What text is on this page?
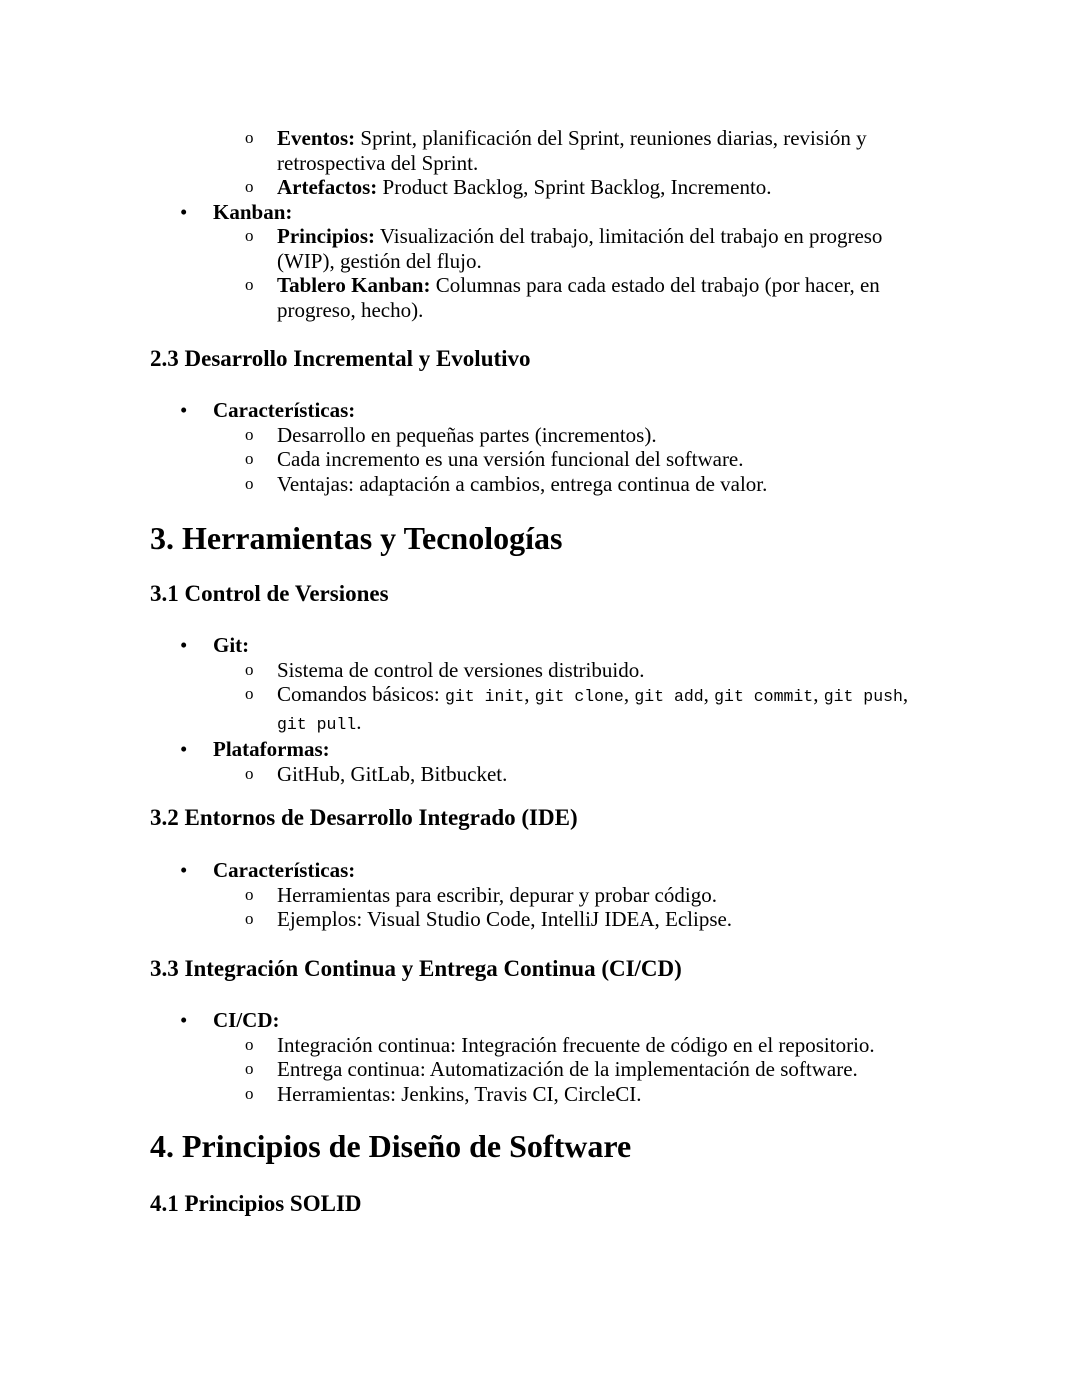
o Eventos: Sprint, planificación del Sprint, reuniones diarias, revisión y retrospectiva del Sprint.
o Artefactos: Product Backlog, Sprint Backlog, Incremento.
• Kanban:
o Principios: Visualización del trabajo, limitación del trabajo en progreso (WIP), gestión del flujo.
o Tablero Kanban: Columnas para cada estado del trabajo (por hacer, en progreso, hecho).
2.3 Desarrollo Incremental y Evolutivo
• Características:
o Desarrollo en pequeñas partes (incrementos).
o Cada incremento es una versión funcional del software.
o Ventajas: adaptación a cambios, entrega continua de valor.
3. Herramientas y Tecnologías
3.1 Control de Versiones
• Git:
o Sistema de control de versiones distribuido.
o Comandos básicos: git init, git clone, git add, git commit, git push, git pull.
• Plataformas:
o GitHub, GitLab, Bitbucket.
3.2 Entornos de Desarrollo Integrado (IDE)
• Características:
o Herramientas para escribir, depurar y probar código.
o Ejemplos: Visual Studio Code, IntelliJ IDEA, Eclipse.
3.3 Integración Continua y Entrega Continua (CI/CD)
• CI/CD:
o Integración continua: Integración frecuente de código en el repositorio.
o Entrega continua: Automatización de la implementación de software.
o Herramientas: Jenkins, Travis CI, CircleCI.
4. Principios de Diseño de Software
4.1 Principios SOLID
